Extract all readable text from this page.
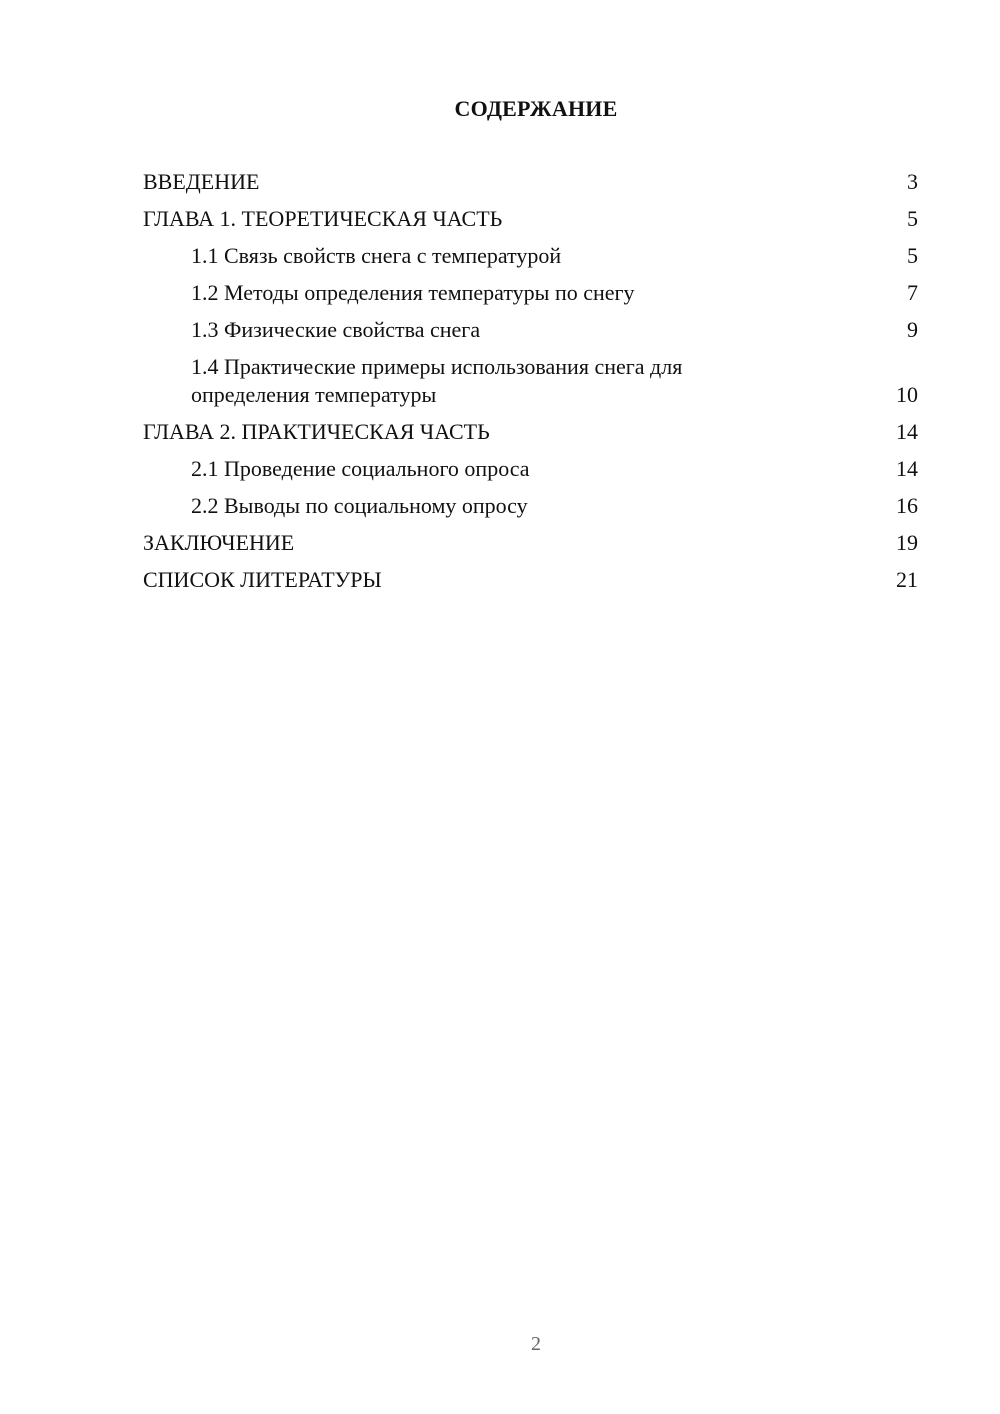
СОДЕРЖАНИЕ
ВВЕДЕНИЕ	3
ГЛАВА 1. ТЕОРЕТИЧЕСКАЯ ЧАСТЬ	5
1.1 Связь свойств снега с температурой	5
1.2 Методы определения температуры по снегу	7
1.3 Физические свойства снега	9
1.4 Практические примеры использования снега для определения температуры	10
ГЛАВА 2. ПРАКТИЧЕСКАЯ ЧАСТЬ	14
2.1 Проведение социального опроса	14
2.2 Выводы по социальному опросу	16
ЗАКЛЮЧЕНИЕ	19
СПИСОК ЛИТЕРАТУРЫ	21
2
